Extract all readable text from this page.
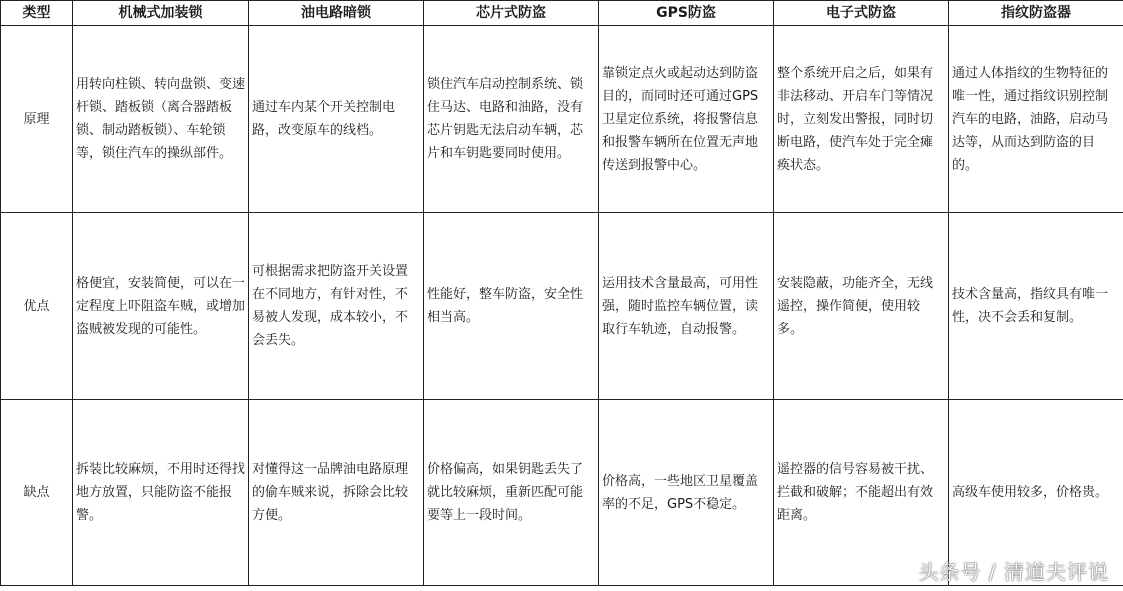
类型	机械式加装锁	油电路暗锁	芯片式防盗	GPS防盗	电子式防盗	指纹防盗器
原理	用转向柱锁、转向盘锁、变速杆锁、踏板锁（离合器踏板锁、制动踏板锁）、车轮锁等，锁住汽车的操纵部件。	通过车内某个开关控制电路，改变原车的线档。	锁住汽车启动控制系统、锁住马达、电路和油路，没有芯片钥匙无法启动车辆，芯片和车钥匙要同时使用。	靠锁定点火或起动达到防盗目的，而同时还可通过GPS卫星定位系统，将报警信息和报警车辆所在位置无声地传送到报警中心。	整个系统开启之后，如果有非法移动、开启车门等情况时，立刻发出警报，同时切断电路，使汽车处于完全瘫痪状态。	通过人体指纹的生物特征的唯一性，通过指纹识别控制汽车的电路，油路，启动马达等，从而达到防盗的目的。
优点	格便宜，安装简便，可以在一定程度上吓阻盗车贼，或增加盗贼被发现的可能性。	可根据需求把防盗开关设置在不同地方，有针对性，不易被人发现，成本较小，不会丢失。	性能好，整车防盗，安全性相当高。	运用技术含量最高，可用性强，随时监控车辆位置，读取行车轨迹，自动报警。	安装隐蔽，功能齐全，无线遥控，操作简便，使用较多。	技术含量高，指纹具有唯一性，决不会丢和复制。
缺点	拆装比较麻烦，不用时还得找地方放置，只能防盗不能报警。	对懂得这一品牌油电路原理的偷车贼来说，拆除会比较方便。	价格偏高，如果钥匙丢失了就比较麻烦，重新匹配可能要等上一段时间。	价格高，一些地区卫星覆盖率的不足，GPS不稳定。	遥控器的信号容易被干扰、拦截和破解；不能超出有效距离。	高级车使用较多，价格贵。
头条号 / 清道夫评说
